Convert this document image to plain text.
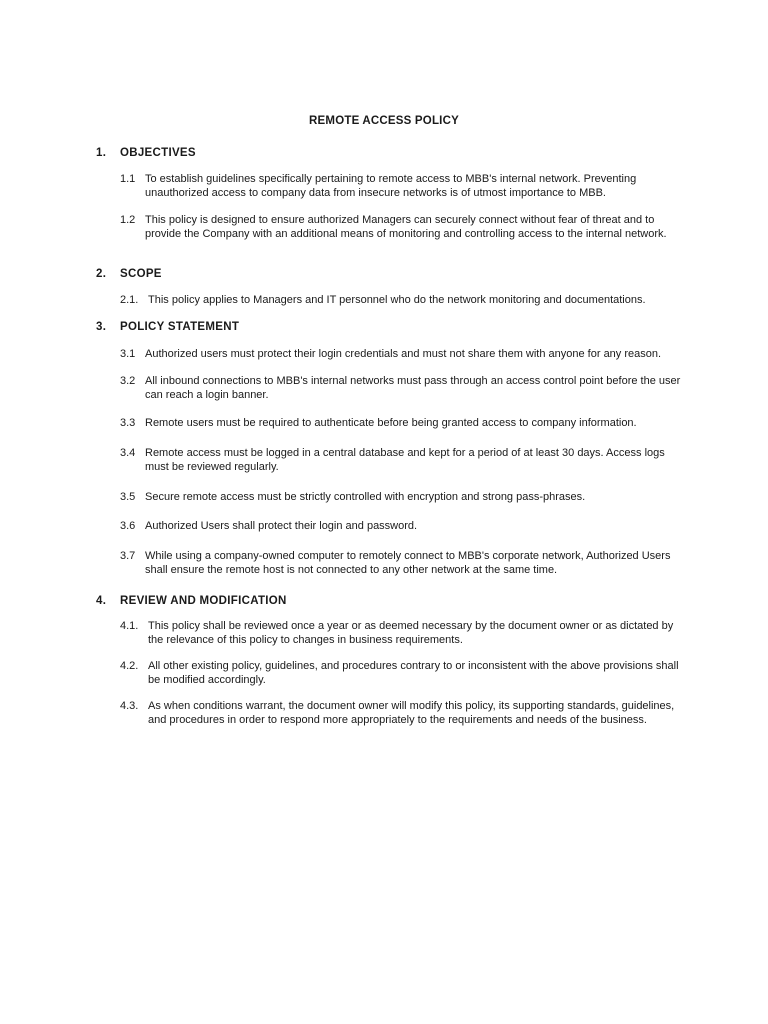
REMOTE ACCESS POLICY
1.	OBJECTIVES
1.1 To establish guidelines specifically pertaining to remote access to MBB's internal network. Preventing unauthorized access to company data from insecure networks is of utmost importance to MBB.
1.2 This policy is designed to ensure authorized Managers can securely connect without fear of threat and to provide the Company with an additional means of monitoring and controlling access to the internal network.
2.	SCOPE
2.1. This policy applies to Managers and IT personnel who do the network monitoring and documentations.
3.	POLICY STATEMENT
3.1 Authorized users must protect their login credentials and must not share them with anyone for any reason.
3.2 All inbound connections to MBB's internal networks must pass through an access control point before the user can reach a login banner.
3.3 Remote users must be required to authenticate before being granted access to company information.
3.4 Remote access must be logged in a central database and kept for a period of at least 30 days. Access logs must be reviewed regularly.
3.5 Secure remote access must be strictly controlled with encryption and strong pass-phrases.
3.6 Authorized Users shall protect their login and password.
3.7 While using a company-owned computer to remotely connect to MBB's corporate network, Authorized Users shall ensure the remote host is not connected to any other network at the same time.
4.	REVIEW AND MODIFICATION
4.1. This policy shall be reviewed once a year or as deemed necessary by the document owner or as dictated by the relevance of this policy to changes in business requirements.
4.2. All other existing policy, guidelines, and procedures contrary to or inconsistent with the above provisions shall be modified accordingly.
4.3. As when conditions warrant, the document owner will modify this policy, its supporting standards, guidelines, and procedures in order to respond more appropriately to the requirements and needs of the business.
